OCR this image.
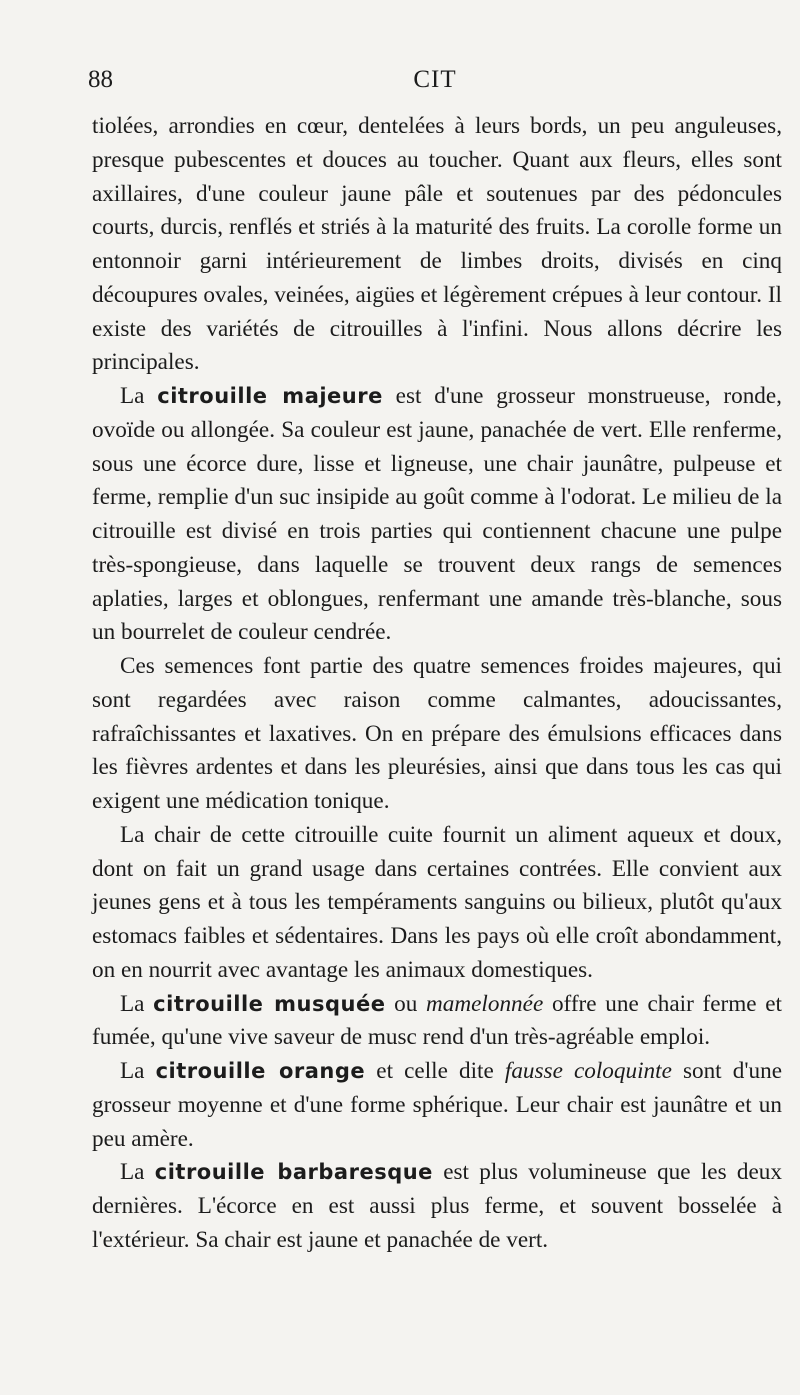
88	CIT

tiolées, arrondies en cœur, dentelées à leurs bords, un peu anguleuses, presque pubescentes et douces au toucher. Quant aux fleurs, elles sont axillaires, d'une couleur jaune pâle et soutenues par des pédoncules courts, durcis, renflés et striés à la maturité des fruits. La corolle forme un entonnoir garni intérieurement de limbes droits, divisés en cinq découpures ovales, veinées, aigües et légèrement crépues à leur contour. Il existe des variétés de citrouilles à l'infini. Nous allons décrire les principales.

La citrouille majeure est d'une grosseur monstrueuse, ronde, ovoïde ou allongée. Sa couleur est jaune, panachée de vert. Elle renferme, sous une écorce dure, lisse et ligneuse, une chair jaunâtre, pulpeuse et ferme, remplie d'un suc insipide au goût comme à l'odorat. Le milieu de la citrouille est divisé en trois parties qui contiennent chacune une pulpe très-spongieuse, dans laquelle se trouvent deux rangs de semences aplaties, larges et oblongues, renfermant une amande très-blanche, sous un bourrelet de couleur cendrée.

Ces semences font partie des quatre semences froides majeures, qui sont regardées avec raison comme calmantes, adoucissantes, rafraîchissantes et laxatives. On en prépare des émulsions efficaces dans les fièvres ardentes et dans les pleurésies, ainsi que dans tous les cas qui exigent une médication tonique.

La chair de cette citrouille cuite fournit un aliment aqueux et doux, dont on fait un grand usage dans certaines contrées. Elle convient aux jeunes gens et à tous les tempéraments sanguins ou bilieux, plutôt qu'aux estomacs faibles et sédentaires. Dans les pays où elle croît abondamment, on en nourrit avec avantage les animaux domestiques.

La citrouille musquée ou mamelonnée offre une chair ferme et fumée, qu'une vive saveur de musc rend d'un très-agréable emploi.

La citrouille orange et celle dite fausse coloquinte sont d'une grosseur moyenne et d'une forme sphérique. Leur chair est jaunâtre et un peu amère.

La citrouille barbaresque est plus volumineuse que les deux dernières. L'écorce en est aussi plus ferme, et souvent bosselée à l'extérieur. Sa chair est jaune et panachée de vert.
